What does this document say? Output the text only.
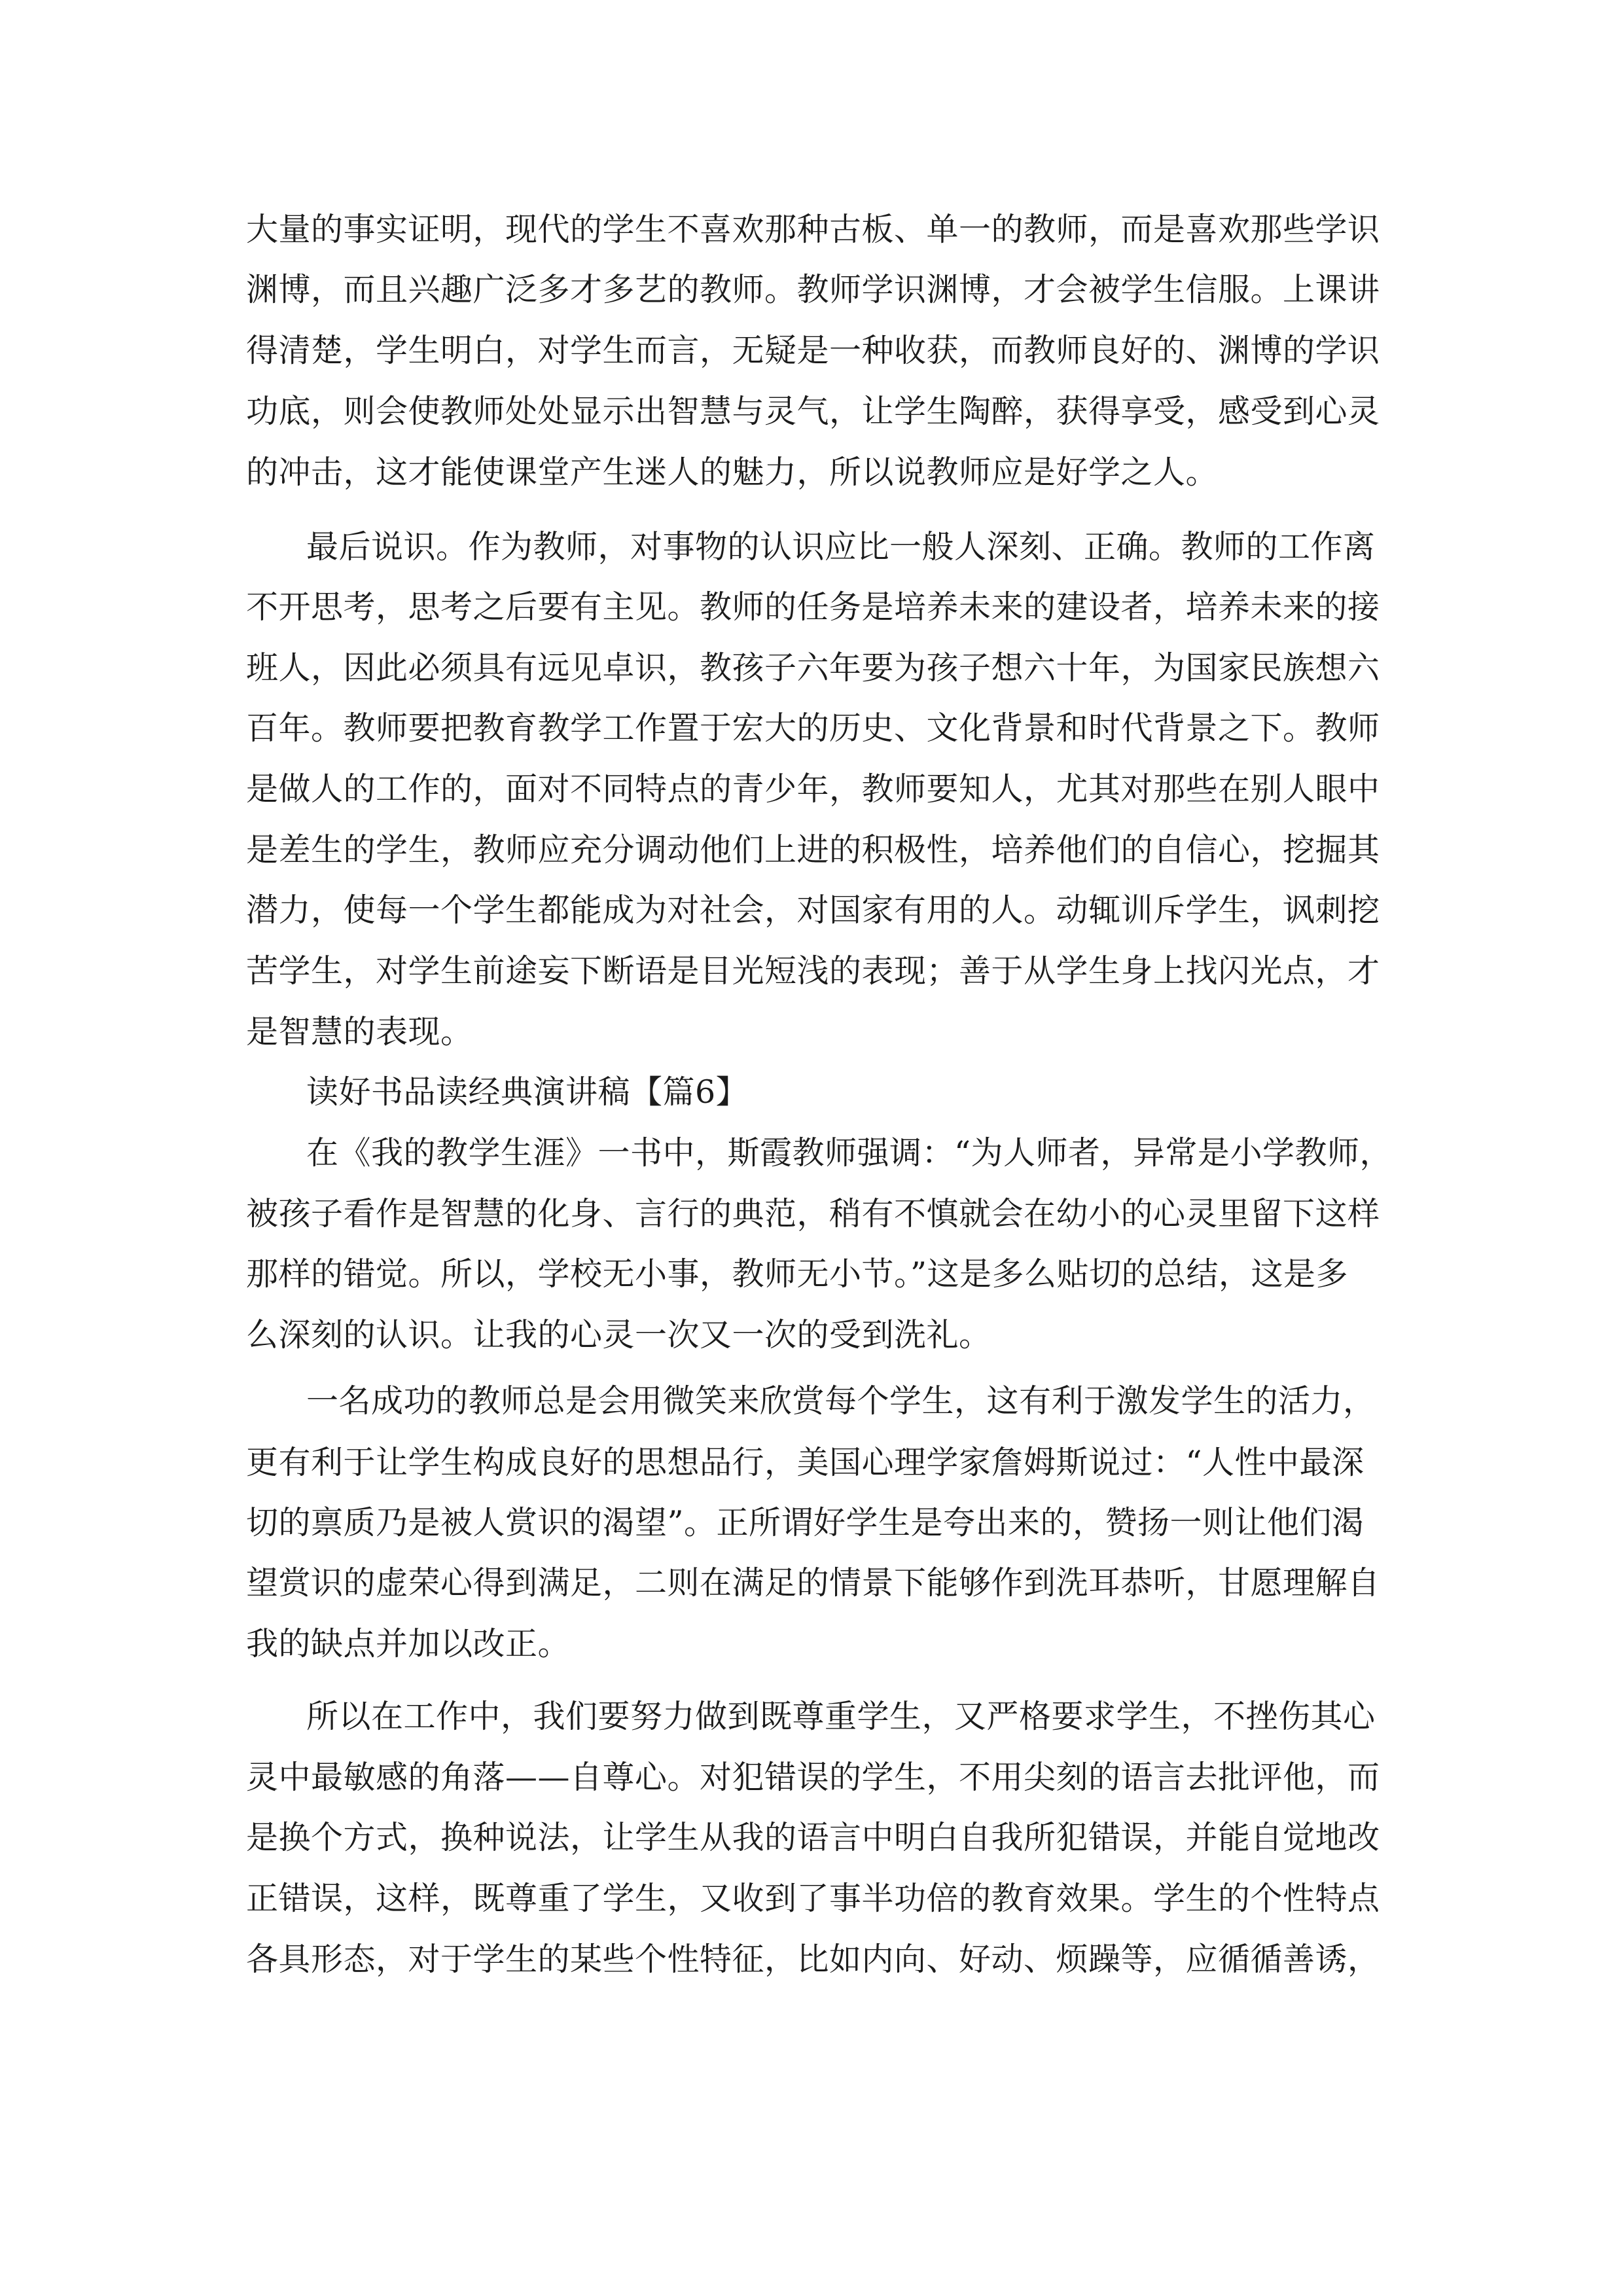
大量的事实证明，现代的学生不喜欢那种古板、单一的教师，而是喜欢那些学识

渊博，而且兴趣广泛多才多艺的教师。教师学识渊博，才会被学生信服。上课讲

得清楚，学生明白，对学生而言，无疑是一种收获，而教师良好的、渊博的学识

功底，则会使教师处处显示出智慧与灵气，让学生陶醉，获得享受，感受到心灵

的冲击，这才能使课堂产生迷人的魅力，所以说教师应是好学之人。

最后说识。作为教师，对事物的认识应比一般人深刻、正确。教师的工作离

不开思考，思考之后要有主见。教师的任务是培养未来的建设者，培养未来的接

班人，因此必须具有远见卓识，教孩子六年要为孩子想六十年，为国家民族想六

百年。教师要把教育教学工作置于宏大的历史、文化背景和时代背景之下。教师

是做人的工作的，面对不同特点的青少年，教师要知人，尤其对那些在别人眼中

是差生的学生，教师应充分调动他们上进的积极性，培养他们的自信心，挖掘其

潜力，使每一个学生都能成为对社会，对国家有用的人。动辄训斥学生，讽刺挖

苦学生，对学生前途妄下断语是目光短浅的表现；善于从学生身上找闪光点，才

是智慧的表现。

读好书品读经典演讲稿【篇6】

在《我的教学生涯》一书中，斯霞教师强调：“为人师者，异常是小学教师，

被孩子看作是智慧的化身、言行的典范，稍有不慎就会在幼小的心灵里留下这样

那样的错觉。所以，学校无小事，教师无小节。”这是多么贴切的总结，这是多

么深刻的认识。让我的心灵一次又一次的受到洗礼。

一名成功的教师总是会用微笑来欣赏每个学生，这有利于激发学生的活力，

更有利于让学生构成良好的思想品行，美国心理学家詹姆斯说过：“人性中最深

切的禀质乃是被人赏识的渴望”。正所谓好学生是夸出来的，赞扬一则让他们渴

望赏识的虚荣心得到满足，二则在满足的情景下能够作到洗耳恭听，甘愿理解自

我的缺点并加以改正。

所以在工作中，我们要努力做到既尊重学生，又严格要求学生，不挫伤其心

灵中最敏感的角落——自尊心。对犯错误的学生，不用尖刻的语言去批评他，而

是换个方式，换种说法，让学生从我的语言中明白自我所犯错误，并能自觉地改

正错误，这样，既尊重了学生，又收到了事半功倍的教育效果。学生的个性特点

各具形态，对于学生的某些个性特征，比如内向、好动、烦躁等，应循循善诱，
